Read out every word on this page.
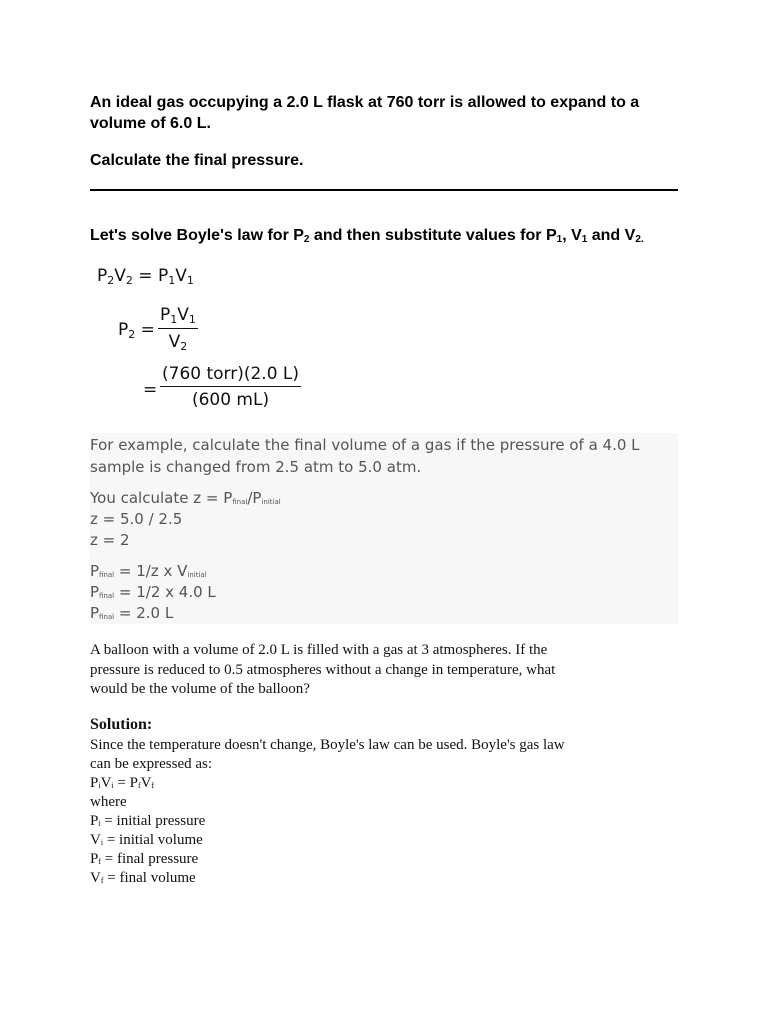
An ideal gas occupying a 2.0 L flask at 760 torr is allowed to expand to a

volume of 6.0 L.

Calculate the final pressure.
Let's solve Boyle's law for $P_2$ and then substitute values for $P_1$, $V_1$ and $V_{2.}$
$P_2V_2 = P_1V_1$
$P_2 = \frac{P_1V_1}{V_2}$
=
(760 torr)(2.0 L)
(600 mL)
For example, calculate the final volume of a gas if the pressure of a 4.0 L
sample is changed from 2.5 atm to 5.0 atm.
You calculate $z = P_{final}/P_{initial}$
z = 5.0 / 2.5
z = 2
$P_{final} = 1/z$ x $V_{initial}$
$P_{final} = 1/2$ x 4.0 L
$P_{final} = 2.0$ L

A balloon with a volume of 2.0 L is filled with a gas at 3 atmospheres. If the

pressure is reduced to 0.5 atmospheres without a change in temperature, what

would be the volume of the balloon?

Solution:
Since the temperature doesn't change, Boyle's law can be used. Boyle's gas law
can be expressed as:
$P_iV_i = P_fV_f$
where
$P_i$ = initial pressure
$V_i$ = initial volume
$P_f$ = final pressure
$V_f$ = final volume
